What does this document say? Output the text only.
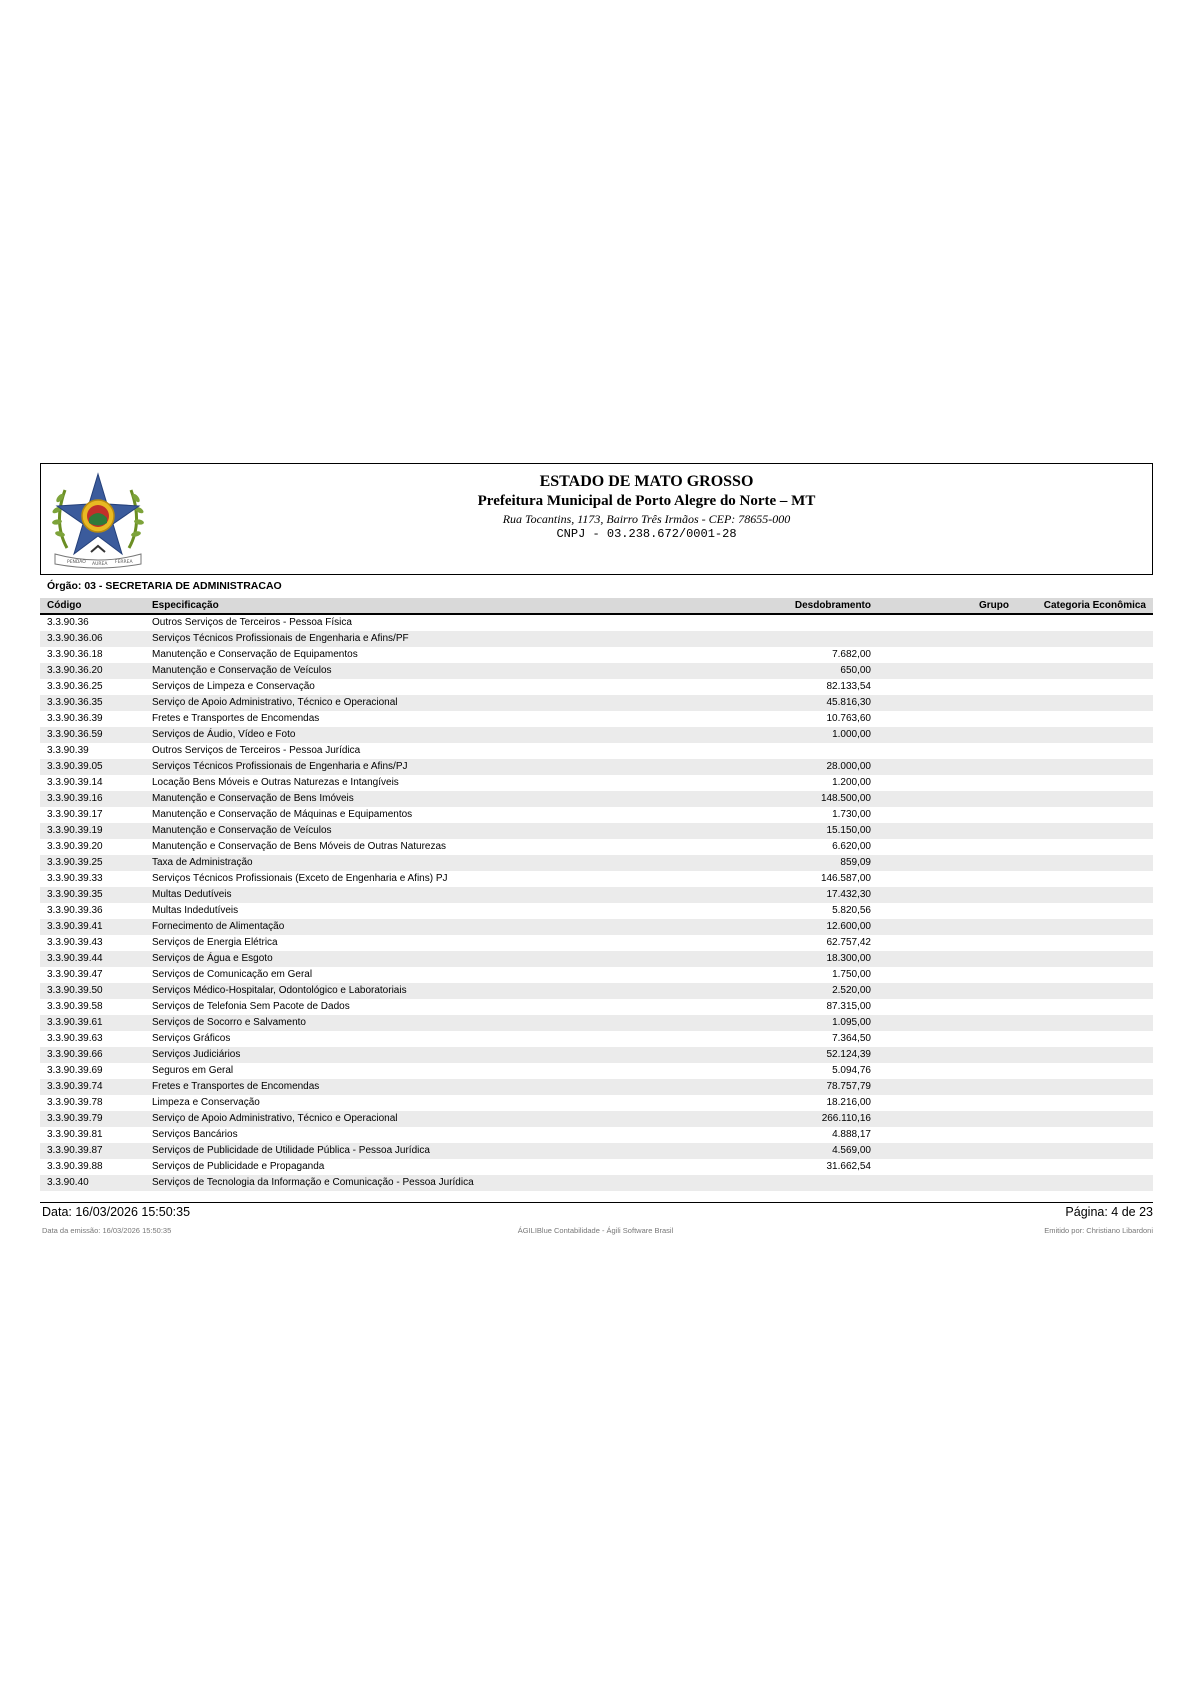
PENDÃO AUREA FERREA
ESTADO DE MATO GROSSO
Prefeitura Municipal de Porto Alegre do Norte – MT
Rua Tocantins, 1173, Bairro Três Irmãos - CEP: 78655-000
CNPJ - 03.238.672/0001-28
Órgão: 03 - SECRETARIA DE ADMINISTRACAO
Código	Especificação	Desdobramento	Grupo	Categoria Econômica
3.3.90.36	Outros Serviços de Terceiros - Pessoa Física
3.3.90.36.06	Serviços Técnicos Profissionais de Engenharia e Afins/PF
3.3.90.36.18	Manutenção e Conservação de Equipamentos	7.682,00
3.3.90.36.20	Manutenção e Conservação de Veículos	650,00
3.3.90.36.25	Serviços de Limpeza e Conservação	82.133,54
3.3.90.36.35	Serviço de Apoio Administrativo, Técnico e Operacional	45.816,30
3.3.90.36.39	Fretes e Transportes de Encomendas	10.763,60
3.3.90.36.59	Serviços de Áudio, Vídeo e Foto	1.000,00
3.3.90.39	Outros Serviços de Terceiros - Pessoa Jurídica
3.3.90.39.05	Serviços Técnicos Profissionais de Engenharia e Afins/PJ	28.000,00
3.3.90.39.14	Locação Bens Móveis e Outras Naturezas e Intangíveis	1.200,00
3.3.90.39.16	Manutenção e Conservação de Bens Imóveis	148.500,00
3.3.90.39.17	Manutenção e Conservação de Máquinas e Equipamentos	1.730,00
3.3.90.39.19	Manutenção e Conservação de Veículos	15.150,00
3.3.90.39.20	Manutenção e Conservação de Bens Móveis de Outras Naturezas	6.620,00
3.3.90.39.25	Taxa de Administração	859,09
3.3.90.39.33	Serviços Técnicos Profissionais (Exceto de Engenharia e Afins) PJ	146.587,00
3.3.90.39.35	Multas Dedutíveis	17.432,30
3.3.90.39.36	Multas Indedutíveis	5.820,56
3.3.90.39.41	Fornecimento de Alimentação	12.600,00
3.3.90.39.43	Serviços de Energia Elétrica	62.757,42
3.3.90.39.44	Serviços de Água e Esgoto	18.300,00
3.3.90.39.47	Serviços de Comunicação em Geral	1.750,00
3.3.90.39.50	Serviços Médico-Hospitalar, Odontológico e Laboratoriais	2.520,00
3.3.90.39.58	Serviços de Telefonia Sem Pacote de Dados	87.315,00
3.3.90.39.61	Serviços de Socorro e Salvamento	1.095,00
3.3.90.39.63	Serviços Gráficos	7.364,50
3.3.90.39.66	Serviços Judiciários	52.124,39
3.3.90.39.69	Seguros em Geral	5.094,76
3.3.90.39.74	Fretes e Transportes de Encomendas	78.757,79
3.3.90.39.78	Limpeza e Conservação	18.216,00
3.3.90.39.79	Serviço de Apoio Administrativo, Técnico e Operacional	266.110,16
3.3.90.39.81	Serviços Bancários	4.888,17
3.3.90.39.87	Serviços de Publicidade de Utilidade Pública - Pessoa Jurídica	4.569,00
3.3.90.39.88	Serviços de Publicidade e Propaganda	31.662,54
3.3.90.40	Serviços de Tecnologia da Informação e Comunicação - Pessoa Jurídica
Data: 16/03/2026 15:50:35	Página: 4 de 23
Data da emissão: 16/03/2026 15:50:35	ÁGILIBlue Contabilidade - Ágili Software Brasil	Emitido por: Christiano Libardoni
